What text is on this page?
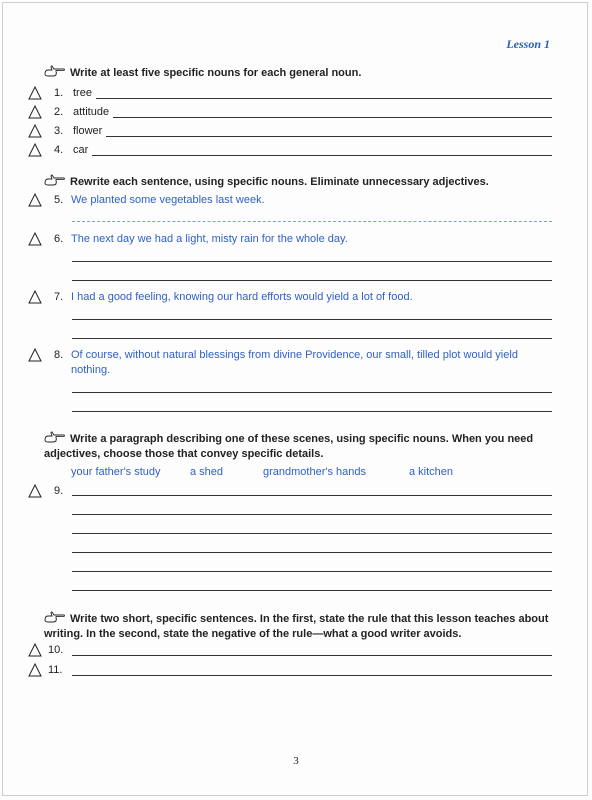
Lesson 1
Write at least five specific nouns for each general noun.
1. tree
2. attitude
3. flower
4. car
Rewrite each sentence, using specific nouns. Eliminate unnecessary adjectives.
5. We planted some vegetables last week.
6. The next day we had a light, misty rain for the whole day.
7. I had a good feeling, knowing our hard efforts would yield a lot of food.
8. Of course, without natural blessings from divine Providence, our small, tilled plot would yield nothing.
Write a paragraph describing one of these scenes, using specific nouns. When you need adjectives, choose those that convey specific details.
your father's study	a shed	grandmother's hands	a kitchen
9.
Write two short, specific sentences. In the first, state the rule that this lesson teaches about writing. In the second, state the negative of the rule—what a good writer avoids.
10.
11.
3
